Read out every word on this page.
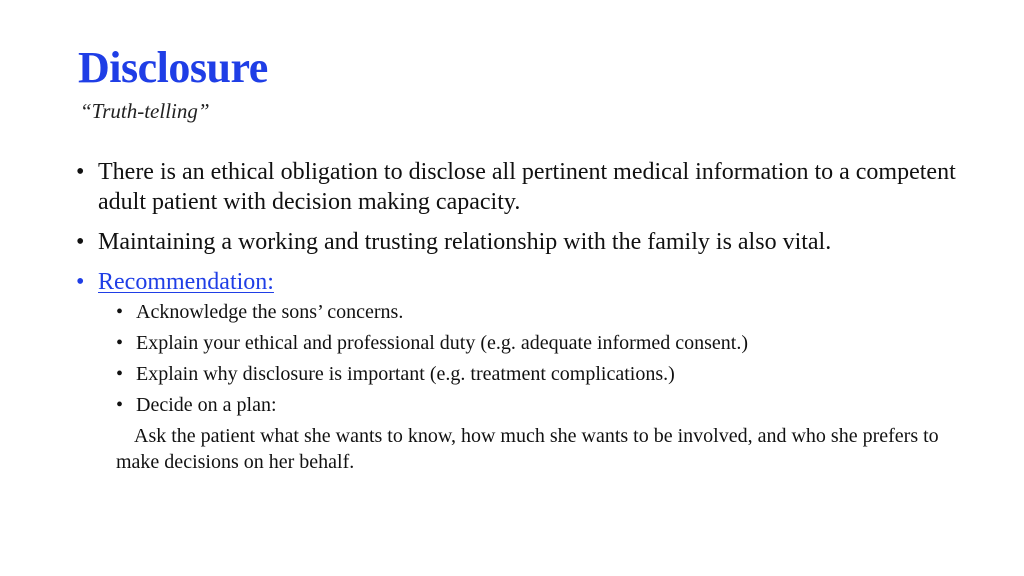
Disclosure

“Truth-telling”

• There is an ethical obligation to disclose all pertinent medical information to a competent adult patient with decision making capacity.
• Maintaining a working and trusting relationship with the family is also vital.
• Recommendation:
• Acknowledge the sons’ concerns.
• Explain your ethical and professional duty (e.g. adequate informed consent.)
• Explain why disclosure is important (e.g. treatment complications.)
• Decide on a plan:

Ask the patient what she wants to know, how much she wants to be involved, and who she prefers to make decisions on her behalf.
